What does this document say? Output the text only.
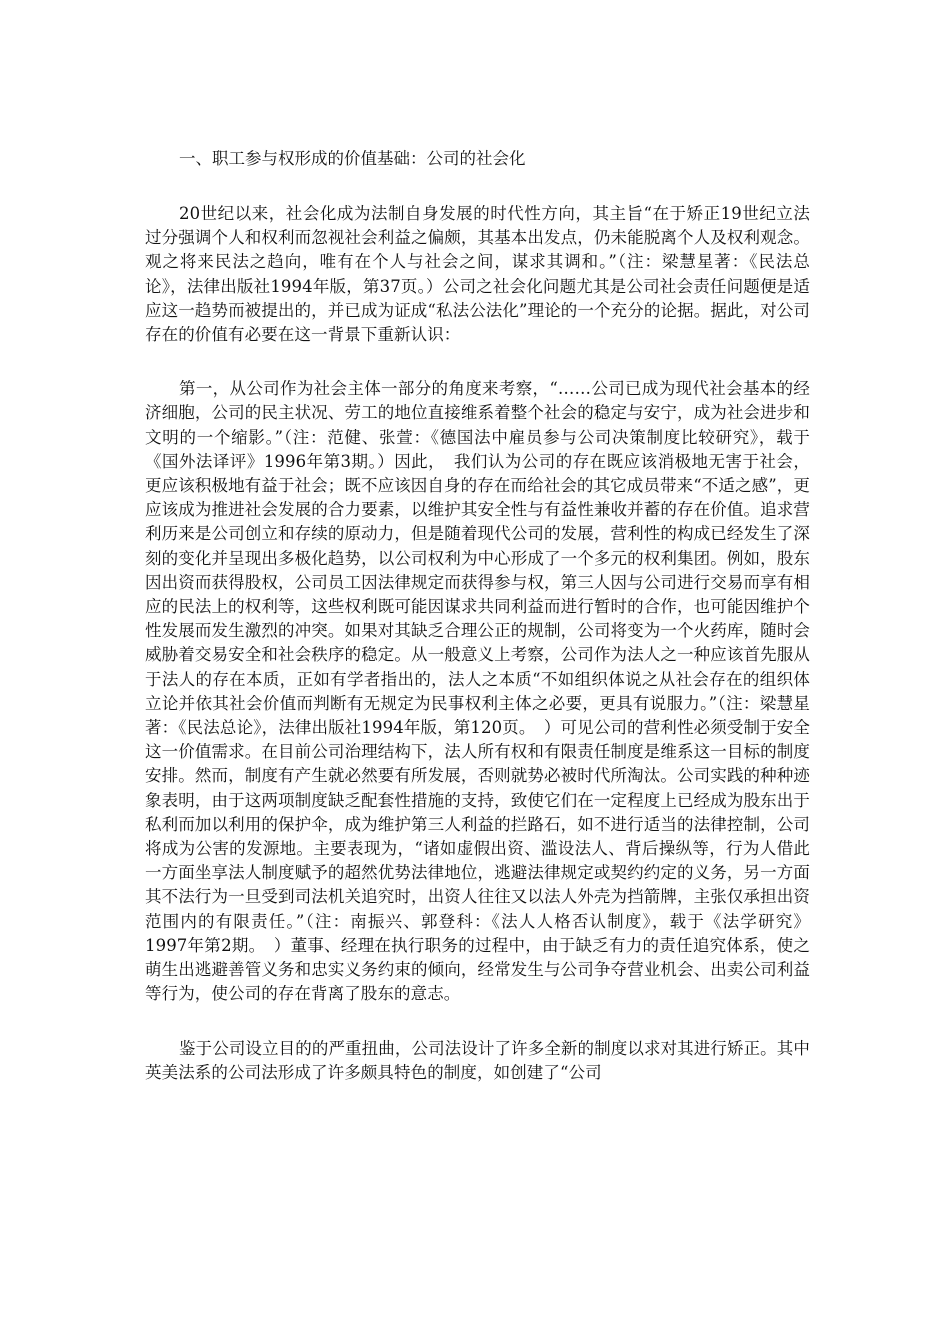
一、职工参与权形成的价值基础：公司的社会化

20世纪以来，社会化成为法制自身发展的时代性方向，其主旨“在于矫正19世纪立法过分强调个人和权利而忽视社会利益之偏颇，其基本出发点，仍未能脱离个人及权利观念。观之将来民法之趋向，唯有在个人与社会之间，谋求其调和。”（注：梁慧星著：《民法总论》，法律出版社1994年版，第37页。）公司之社会化问题尤其是公司社会责任问题便是适应这一趋势而被提出的，并已成为证成“私法公法化”理论的一个充分的论据。据此，对公司存在的价值有必要在这一背景下重新认识：

第一，从公司作为社会主体一部分的角度来考察，“……公司已成为现代社会基本的经济细胞，公司的民主状况、劳工的地位直接维系着整个社会的稳定与安宁，成为社会进步和文明的一个缩影。”（注：范健、张萱：《德国法中雇员参与公司决策制度比较研究》，载于《国外法译评》1996年第3期。）因此，　我们认为公司的存在既应该消极地无害于社会，更应该积极地有益于社会；既不应该因自身的存在而给社会的其它成员带来“不适之感”，更应该成为推进社会发展的合力要素，以维护其安全性与有益性兼收并蓄的存在价值。追求营利历来是公司创立和存续的原动力，但是随着现代公司的发展，营利性的构成已经发生了深刻的变化并呈现出多极化趋势，以公司权利为中心形成了一个多元的权利集团。例如，股东因出资而获得股权，公司员工因法律规定而获得参与权，第三人因与公司进行交易而享有相应的民法上的权利等，这些权利既可能因谋求共同利益而进行暂时的合作，也可能因维护个性发展而发生激烈的冲突。如果对其缺乏合理公正的规制，公司将变为一个火药库，随时会威胁着交易安全和社会秩序的稳定。从一般意义上考察，公司作为法人之一种应该首先服从于法人的存在本质，正如有学者指出的，法人之本质“不如组织体说之从社会存在的组织体立论并依其社会价值而判断有无规定为民事权利主体之必要，更具有说服力。”（注：梁慧星著：《民法总论》，法律出版社1994年版，第120页。　）可见公司的营利性必须受制于安全这一价值需求。在目前公司治理结构下，法人所有权和有限责任制度是维系这一目标的制度安排。然而，制度有产生就必然要有所发展，否则就势必被时代所淘汰。公司实践的种种迹象表明，由于这两项制度缺乏配套性措施的支持，致使它们在一定程度上已经成为股东出于私利而加以利用的保护伞，成为维护第三人利益的拦路石，如不进行适当的法律控制，公司将成为公害的发源地。主要表现为，“诸如虚假出资、滥设法人、背后操纵等，行为人借此一方面坐享法人制度赋予的超然优势法律地位，逃避法律规定或契约约定的义务，另一方面其不法行为一旦受到司法机关追究时，出资人往往又以法人外壳为挡箭牌，主张仅承担出资范围内的有限责任。”（注：南振兴、郭登科：《法人人格否认制度》，载于《法学研究》1997年第2期。　）董事、经理在执行职务的过程中，由于缺乏有力的责任追究体系，使之萌生出逃避善管义务和忠实义务约束的倾向，经常发生与公司争夺营业机会、出卖公司利益等行为，使公司的存在背离了股东的意志。

鉴于公司设立目的的严重扭曲，公司法设计了许多全新的制度以求对其进行矫正。其中英美法系的公司法形成了许多颇具特色的制度，如创建了“公司
